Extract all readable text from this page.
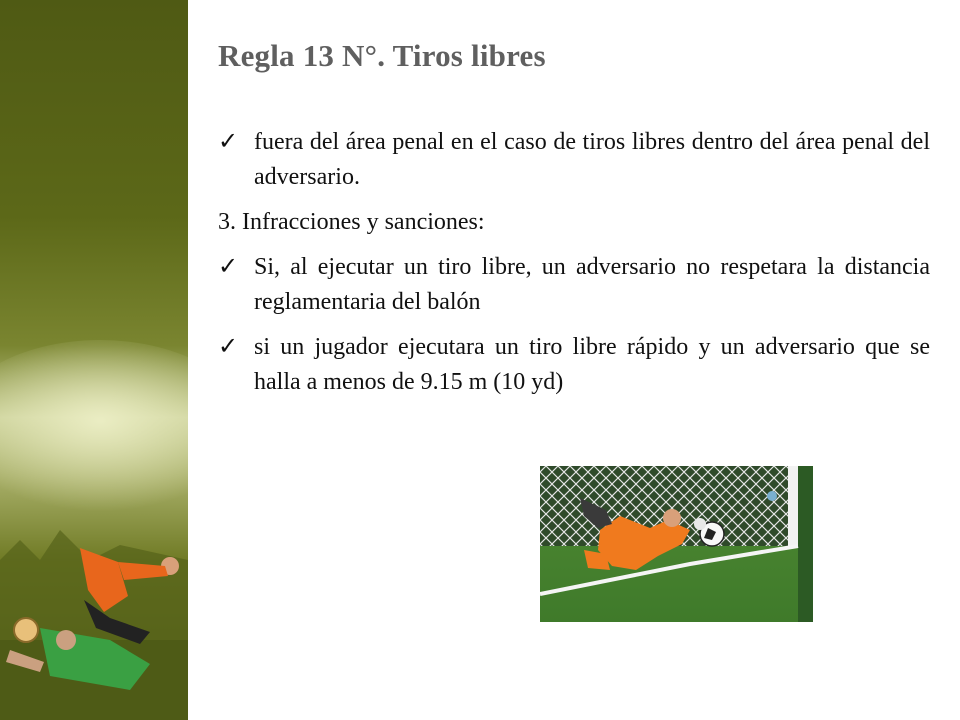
Regla 13 N°. Tiros libres
✓ fuera del área penal en el caso de tiros libres dentro del área penal del adversario.
3. Infracciones y sanciones:
✓ Si, al ejecutar un tiro libre, un adversario no respetara la distancia reglamentaria del balón
✓ si un jugador ejecutara un tiro libre rápido y un adversario que se halla a menos de 9.15 m (10 yd)
